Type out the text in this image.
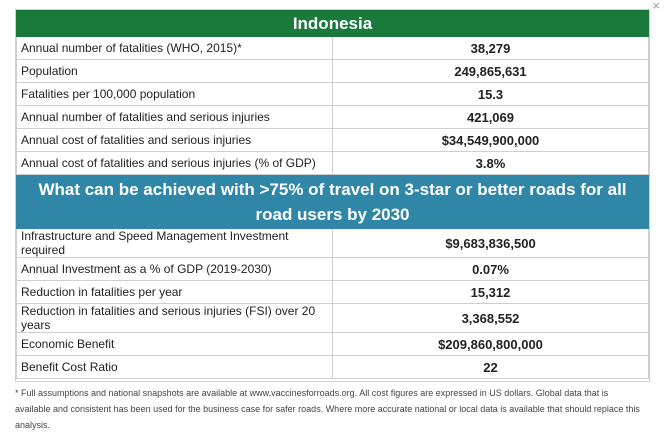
×
Indonesia	
Annual number of fatalities (WHO, 2015)*	38,279
Population	249,865,631
Fatalities per 100,000 population	15.3
Annual number of fatalities and serious injuries	421,069
Annual cost of fatalities and serious injuries	$34,549,900,000
Annual cost of fatalities and serious injuries (% of GDP)	3.8%
What can be achieved with >75% of travel on 3-star or better roads for all road users by 2030	
Infrastructure and Speed Management Investment required	$9,683,836,500
Annual Investment as a % of GDP (2019-2030)	0.07%
Reduction in fatalities per year	15,312
Reduction in fatalities and serious injuries (FSI) over 20 years	3,368,552
Economic Benefit	$209,860,800,000
Benefit Cost Ratio	22
* Full assumptions and national snapshots are available at www.vaccinesforroads.org. All cost figures are expressed in US dollars. Global data that is available and consistent has been used for the business case for safer roads. Where more accurate national or local data is available that should replace this analysis.
